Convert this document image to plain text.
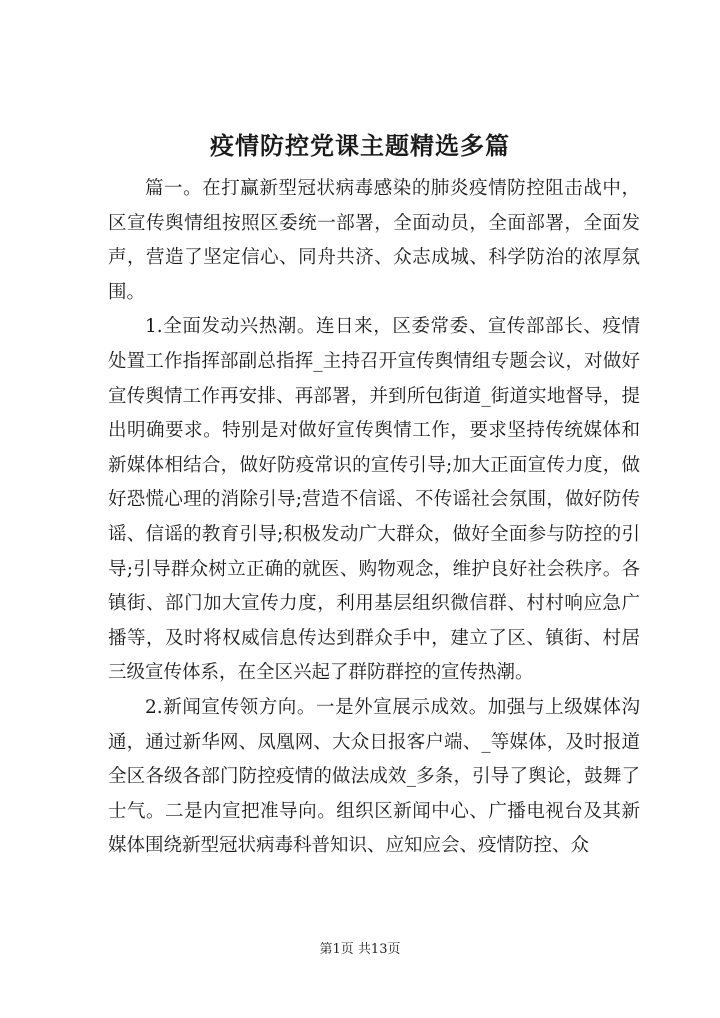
疫情防控党课主题精选多篇

篇一。在打赢新型冠状病毒感染的肺炎疫情防控阻击战中，区宣传舆情组按照区委统一部署，全面动员，全面部署，全面发声，营造了坚定信心、同舟共济、众志成城、科学防治的浓厚氛围。

1.全面发动兴热潮。连日来，区委常委、宣传部部长、疫情处置工作指挥部副总指挥_主持召开宣传舆情组专题会议，对做好宣传舆情工作再安排、再部署，并到所包街道_街道实地督导，提出明确要求。特别是对做好宣传舆情工作，要求坚持传统媒体和新媒体相结合，做好防疫常识的宣传引导;加大正面宣传力度，做好恐慌心理的消除引导;营造不信谣、不传谣社会氛围，做好防传谣、信谣的教育引导;积极发动广大群众，做好全面参与防控的引导;引导群众树立正确的就医、购物观念，维护良好社会秩序。各镇街、部门加大宣传力度，利用基层组织微信群、村村响应急广播等，及时将权威信息传达到群众手中，建立了区、镇街、村居三级宣传体系，在全区兴起了群防群控的宣传热潮。

2.新闻宣传领方向。一是外宣展示成效。加强与上级媒体沟通，通过新华网、凤凰网、大众日报客户端、_等媒体，及时报道全区各级各部门防控疫情的做法成效_多条，引导了舆论，鼓舞了士气。二是内宣把准导向。组织区新闻中心、广播电视台及其新媒体围绕新型冠状病毒科普知识、应知应会、疫情防控、众

第1页 共13页
